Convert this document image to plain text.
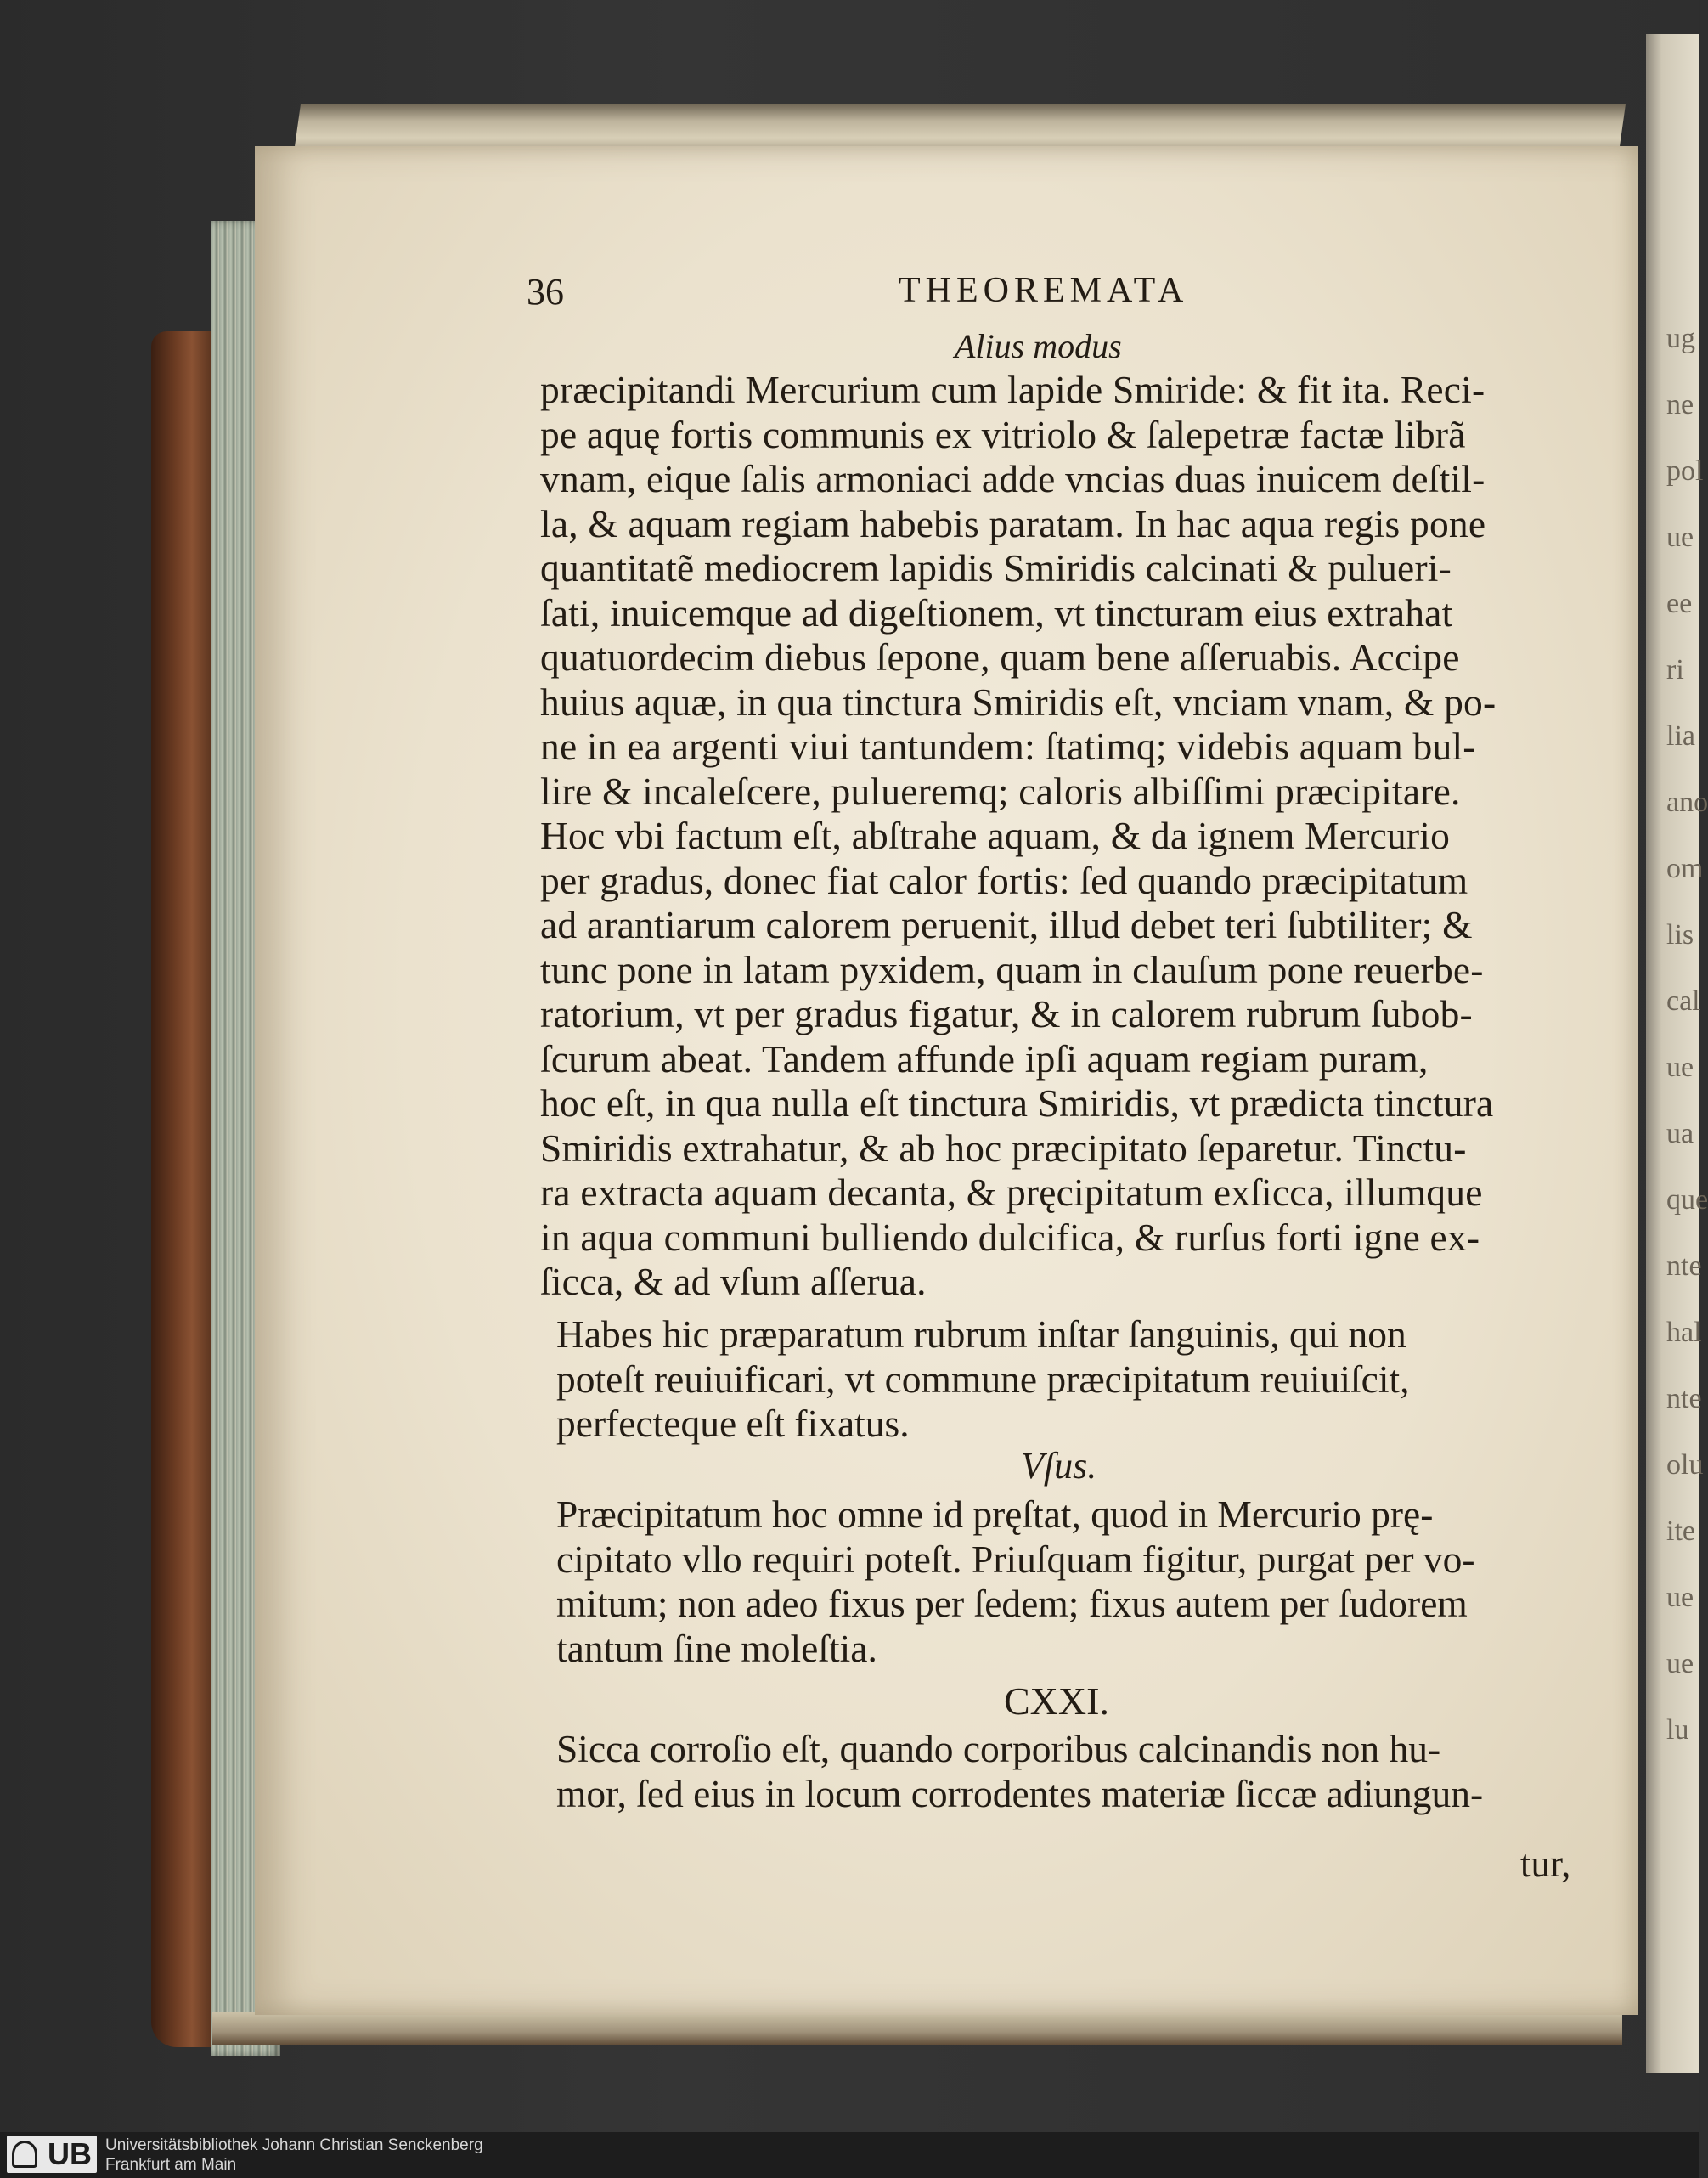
ug
ne
pol
ue
ee
ri
lia
ano
om
lis
cal
ue
ua
que
nte
hal
nte
olu
ite
ue
ue
lu
36	THEOREMATA
Alius modus
præcipitandi Mercurium cum lapide Smiride: & fit ita. Reci-
pe aquę fortis communis ex vitriolo & ſalepetræ factæ librã
vnam, eique ſalis armoniaci adde vncias duas inuicem deſtil-
la, & aquam regiam habebis paratam. In hac aqua regis pone
quantitatẽ mediocrem lapidis Smiridis calcinati & pulueri-
ſati, inuicemque ad digeſtionem, vt tincturam eius extrahat
quatuordecim diebus ſepone, quam bene aſſeruabis. Accipe
huius aquæ, in qua tinctura Smiridis eſt, vnciam vnam, & po-
ne in ea argenti viui tantundem: ſtatimq; videbis aquam bul-
lire & incaleſcere, pulueremq; caloris albiſſimi præcipitare.
Hoc vbi factum eſt, abſtrahe aquam, & da ignem Mercurio
per gradus, donec fiat calor fortis: ſed quando præcipitatum
ad arantiarum calorem peruenit, illud debet teri ſubtiliter; &
tunc pone in latam pyxidem, quam in clauſum pone reuerbe-
ratorium, vt per gradus figatur, & in calorem rubrum ſubob-
ſcurum abeat. Tandem affunde ipſi aquam regiam puram,
hoc eſt, in qua nulla eſt tinctura Smiridis, vt prædicta tinctura
Smiridis extrahatur, & ab hoc præcipitato ſeparetur. Tinctu-
ra extracta aquam decanta, & pręcipitatum exſicca, illumque
in aqua communi bulliendo dulcifica, & rurſus forti igne ex-
ſicca, & ad vſum aſſerua.
Habes hic præparatum rubrum inſtar ſanguinis, qui non
poteſt reuiuificari, vt commune præcipitatum reuiuiſcit,
perfecteque eſt fixatus.
Vſus.
Præcipitatum hoc omne id pręſtat, quod in Mercurio prę-
cipitato vllo requiri poteſt. Priuſquam figitur, purgat per vo-
mitum; non adeo fixus per ſedem; fixus autem per ſudorem
tantum ſine moleſtia.
CXXI.
Sicca corroſio eſt, quando corporibus calcinandis non hu-
mor, ſed eius in locum corrodentes materiæ ſiccæ adiungun-
tur,
UB Universitätsbibliothek Johann Christian Senckenberg
Frankfurt am Main
